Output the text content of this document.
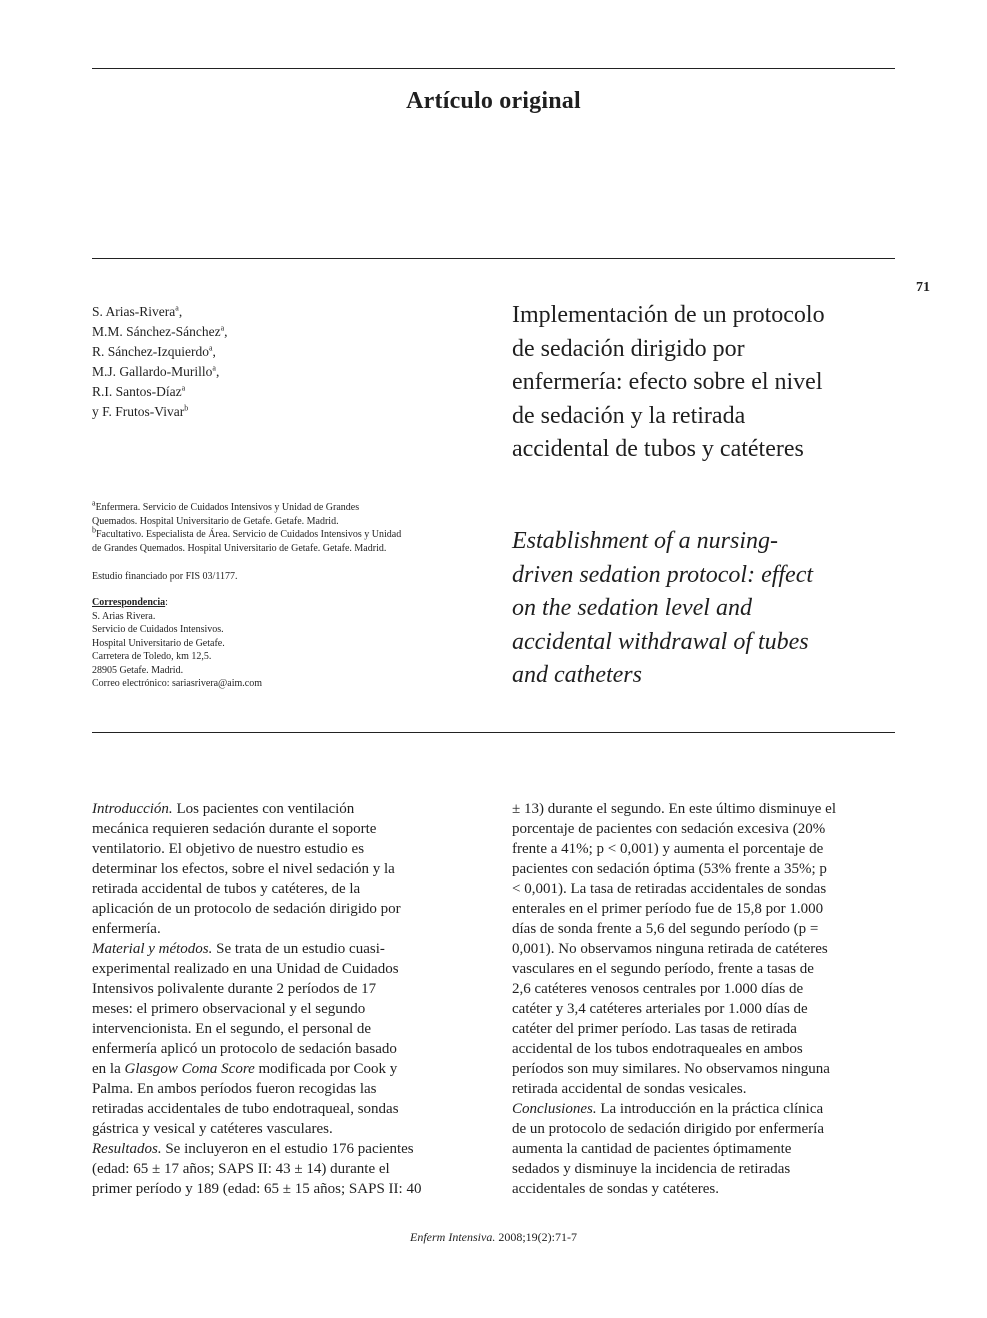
Artículo original
71
S. Arias-Rivera$^a$,
M.M. Sánchez-Sánchez$^a$,
R. Sánchez-Izquierdo$^a$,
M.J. Gallardo-Murillo$^a$,
R.I. Santos-Díaz$^a$
y F. Frutos-Vivar$^b$
Implementación de un protocolo
de sedación dirigido por
enfermería: efecto sobre el nivel
de sedación y la retirada
accidental de tubos y catéteres
Establishment of a nursing-
driven sedation protocol: effect
on the sedation level and
accidental withdrawal of tubes
and catheters
$^a$Enfermera. Servicio de Cuidados Intensivos y Unidad de Grandes
Quemados. Hospital Universitario de Getafe. Getafe. Madrid.
$^b$Facultativo. Especialista de Área. Servicio de Cuidados Intensivos y Unidad
de Grandes Quemados. Hospital Universitario de Getafe. Getafe. Madrid.
Estudio financiado por FIS 03/1177.
Correspondencia:
S. Arias Rivera.
Servicio de Cuidados Intensivos.
Hospital Universitario de Getafe.
Carretera de Toledo, km 12,5.
28905 Getafe. Madrid.
Correo electrónico: sariasrivera@aim.com
Introducción. Los pacientes con ventilación
mecánica requieren sedación durante el soporte
ventilatorio. El objetivo de nuestro estudio es
determinar los efectos, sobre el nivel sedación y la
retirada accidental de tubos y catéteres, de la
aplicación de un protocolo de sedación dirigido por
enfermería.
Material y métodos. Se trata de un estudio cuasi-
experimental realizado en una Unidad de Cuidados
Intensivos polivalente durante 2 períodos de 17
meses: el primero observacional y el segundo
intervencionista. En el segundo, el personal de
enfermería aplicó un protocolo de sedación basado
en la Glasgow Coma Score modificada por Cook y
Palma. En ambos períodos fueron recogidas las
retiradas accidentales de tubo endotraqueal, sondas
gástrica y vesical y catéteres vasculares.
Resultados. Se incluyeron en el estudio 176 pacientes
(edad: 65 ± 17 años; SAPS II: 43 ± 14) durante el
primer período y 189 (edad: 65 ± 15 años; SAPS II: 40
± 13) durante el segundo. En este último disminuye el
porcentaje de pacientes con sedación excesiva (20%
frente a 41%; p < 0,001) y aumenta el porcentaje de
pacientes con sedación óptima (53% frente a 35%; p
< 0,001). La tasa de retiradas accidentales de sondas
enterales en el primer período fue de 15,8 por 1.000
días de sonda frente a 5,6 del segundo período (p =
0,001). No observamos ninguna retirada de catéteres
vasculares en el segundo período, frente a tasas de
2,6 catéteres venosos centrales por 1.000 días de
catéter y 3,4 catéteres arteriales por 1.000 días de
catéter del primer período. Las tasas de retirada
accidental de los tubos endotraqueales en ambos
períodos son muy similares. No observamos ninguna
retirada accidental de sondas vesicales.
Conclusiones. La introducción en la práctica clínica
de un protocolo de sedación dirigido por enfermería
aumenta la cantidad de pacientes óptimamente
sedados y disminuye la incidencia de retiradas
accidentales de sondas y catéteres.
Enferm Intensiva. 2008;19(2):71-7
